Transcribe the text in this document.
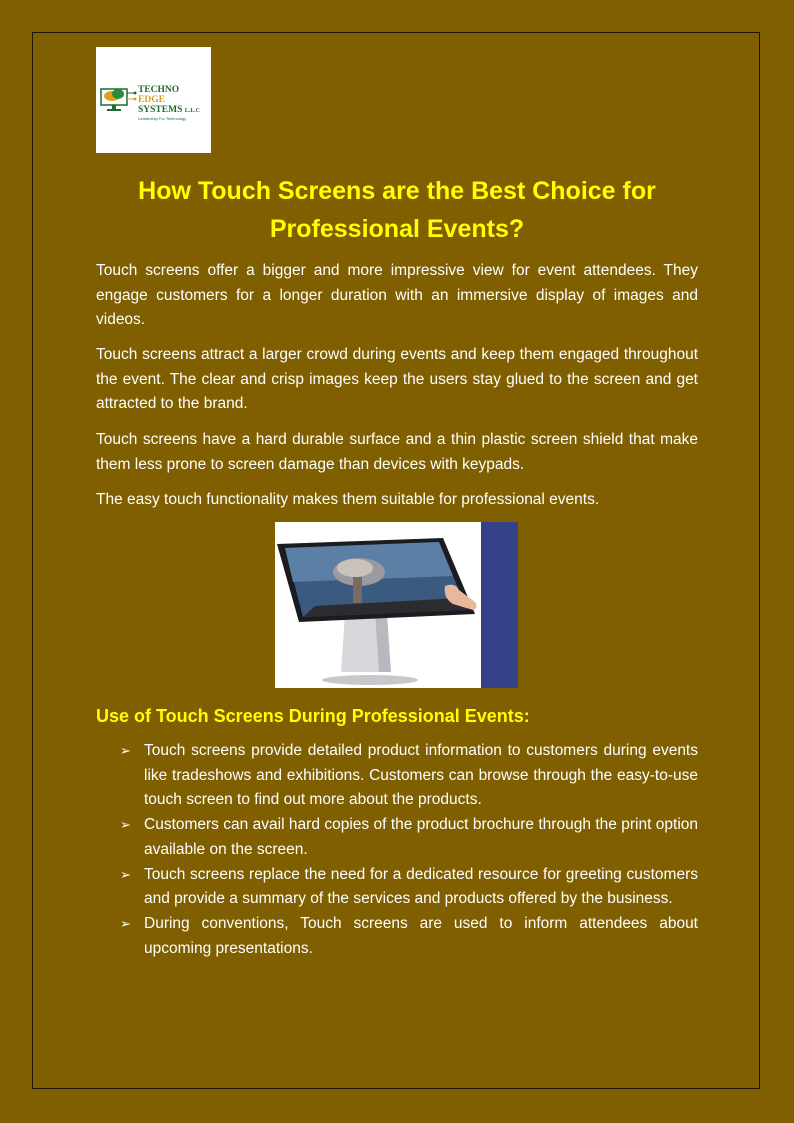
TECHNO
EDGE
SYSTEMS L.L.C
Leadership For Technology
How Touch Screens are the Best Choice for Professional Events?

Touch screens offer a bigger and more impressive view for event attendees. They engage customers for a longer duration with an immersive display of images and videos.

Touch screens attract a larger crowd during events and keep them engaged throughout the event. The clear and crisp images keep the users stay glued to the screen and get attracted to the brand.

Touch screens have a hard durable surface and a thin plastic screen shield that make them less prone to screen damage than devices with keypads.

The easy touch functionality makes them suitable for professional events.

Use of Touch Screens During Professional Events:
➢ Touch screens provide detailed product information to customers during events like tradeshows and exhibitions. Customers can browse through the easy-to-use touch screen to find out more about the products.
➢ Customers can avail hard copies of the product brochure through the print option available on the screen.
➢ Touch screens replace the need for a dedicated resource for greeting customers and provide a summary of the services and products offered by the business.
➢ During conventions, Touch screens are used to inform attendees about upcoming presentations.
